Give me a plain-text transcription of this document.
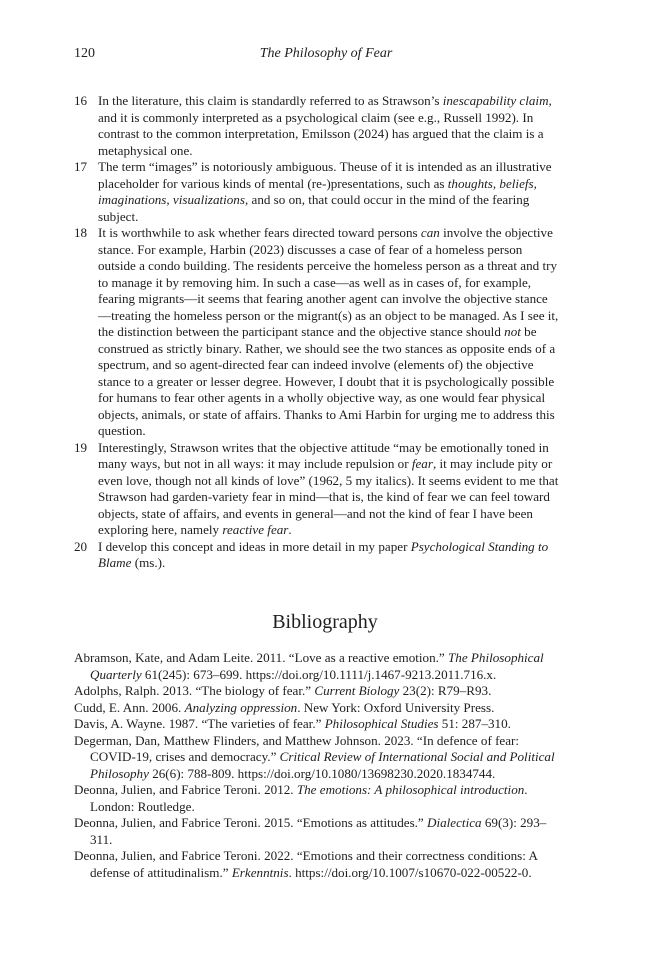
120	The Philosophy of Fear
16 In the literature, this claim is standardly referred to as Strawson’s inescapability claim, and it is commonly interpreted as a psychological claim (see e.g., Russell 1992). In contrast to the common interpretation, Emilsson (2024) has argued that the claim is a metaphysical one.
17 The term “images” is notoriously ambiguous. Theuse of it is intended as an illustrative placeholder for various kinds of mental (re-)presentations, such as thoughts, beliefs, imaginations, visualizations, and so on, that could occur in the mind of the fearing subject.
18 It is worthwhile to ask whether fears directed toward persons can involve the objective stance. For example, Harbin (2023) discusses a case of fear of a homeless person outside a condo building. The residents perceive the homeless person as a threat and try to manage it by removing him. In such a case—as well as in cases of, for example, fearing migrants—it seems that fearing another agent can involve the objective stance—treating the homeless person or the migrant(s) as an object to be managed. As I see it, the distinction between the participant stance and the objective stance should not be construed as strictly binary. Rather, we should see the two stances as opposite ends of a spectrum, and so agent-directed fear can indeed involve (elements of) the objective stance to a greater or lesser degree. However, I doubt that it is psychologically possible for humans to fear other agents in a wholly objective way, as one would fear physical objects, animals, or state of affairs. Thanks to Ami Harbin for urging me to address this question.
19 Interestingly, Strawson writes that the objective attitude “may be emotionally toned in many ways, but not in all ways: it may include repulsion or fear, it may include pity or even love, though not all kinds of love” (1962, 5 my italics). It seems evident to me that Strawson had garden-variety fear in mind—that is, the kind of fear we can feel toward objects, state of affairs, and events in general—and not the kind of fear I have been exploring here, namely reactive fear.
20 I develop this concept and ideas in more detail in my paper Psychological Standing to Blame (ms.).
Bibliography
Abramson, Kate, and Adam Leite. 2011. “Love as a reactive emotion.” The Philosophical Quarterly 61(245): 673–699. https://doi.org/10.1111/j.1467-9213.2011.716.x.
Adolphs, Ralph. 2013. “The biology of fear.” Current Biology 23(2): R79–R93.
Cudd, E. Ann. 2006. Analyzing oppression. New York: Oxford University Press.
Davis, A. Wayne. 1987. “The varieties of fear.” Philosophical Studies 51: 287–310.
Degerman, Dan, Matthew Flinders, and Matthew Johnson. 2023. “In defence of fear: COVID-19, crises and democracy.” Critical Review of International Social and Political Philosophy 26(6): 788-809. https://doi.org/10.1080/13698230.2020.1834744.
Deonna, Julien, and Fabrice Teroni. 2012. The emotions: A philosophical introduction. London: Routledge.
Deonna, Julien, and Fabrice Teroni. 2015. “Emotions as attitudes.” Dialectica 69(3): 293–311.
Deonna, Julien, and Fabrice Teroni. 2022. “Emotions and their correctness conditions: A defense of attitudinalism.” Erkenntnis. https://doi.org/10.1007/s10670-022-00522-0.
